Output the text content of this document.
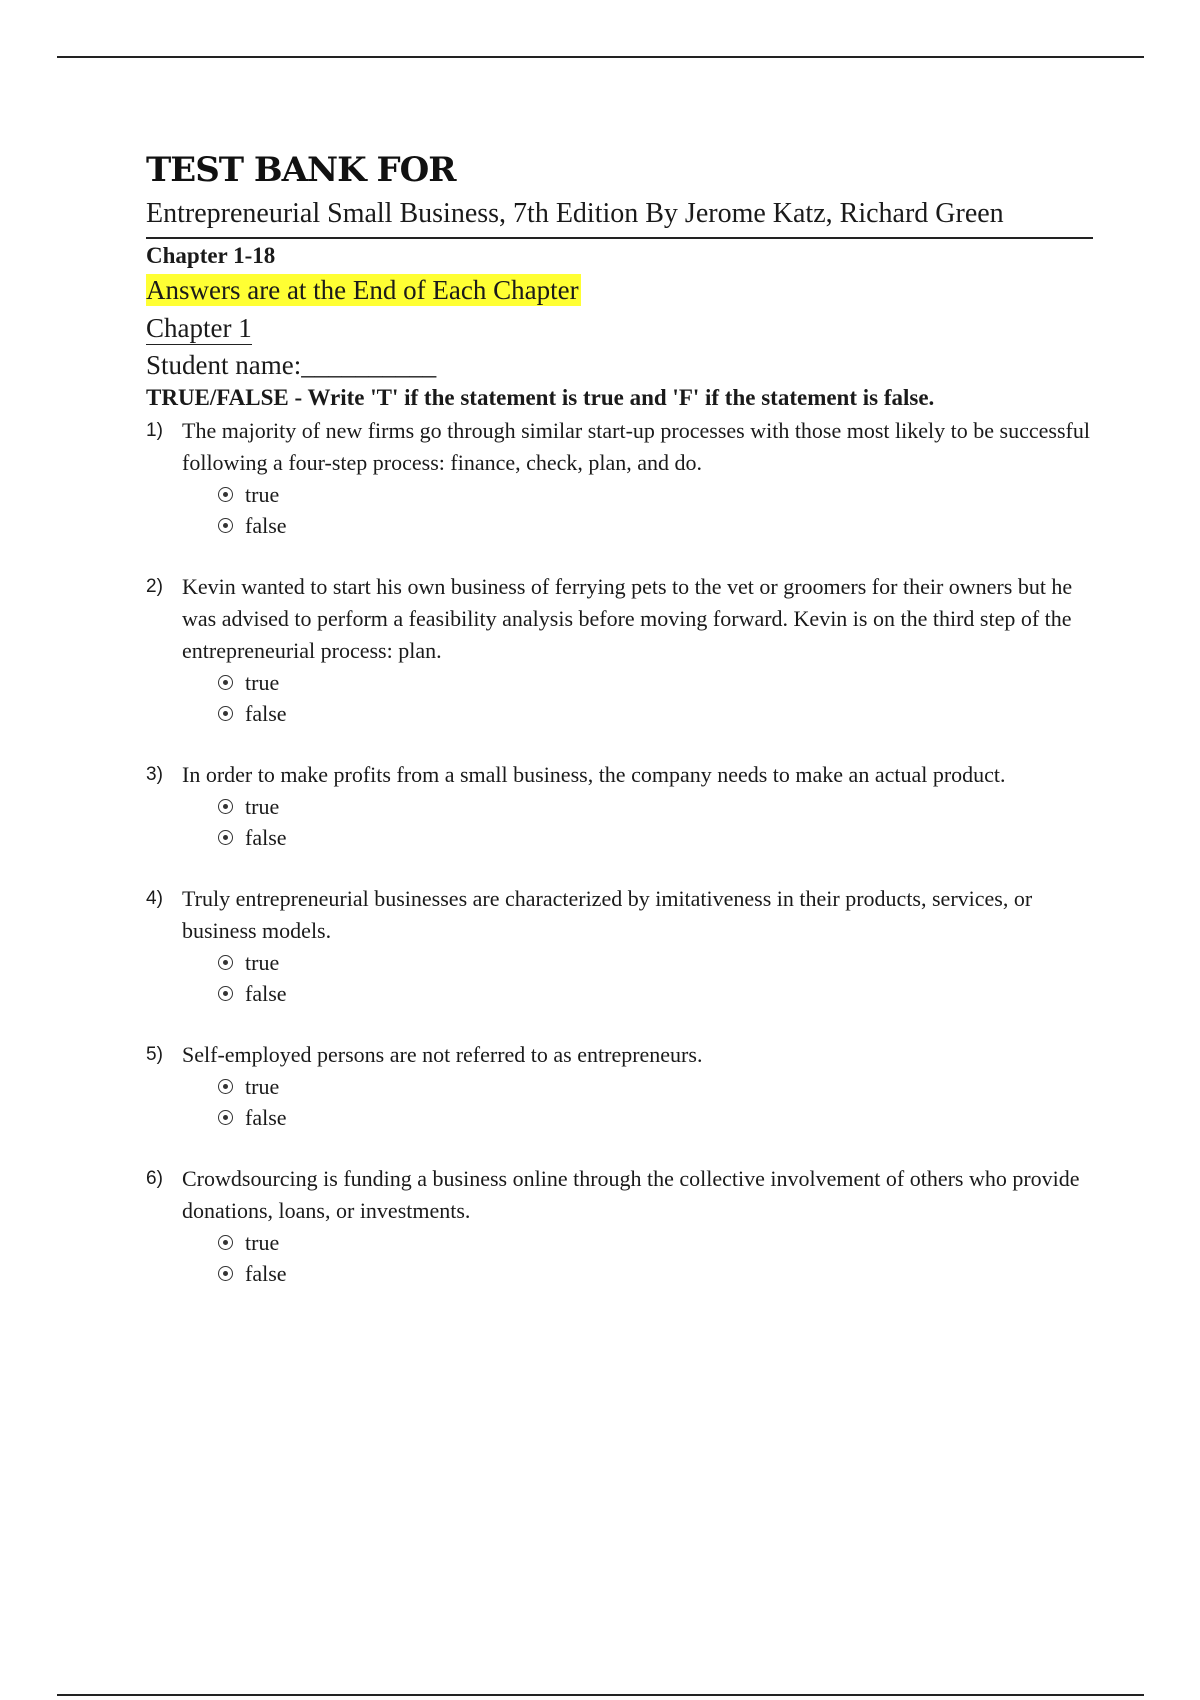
TEST BANK FOR
Entrepreneurial Small Business, 7th Edition By Jerome Katz, Richard Green
Chapter 1-18
Answers are at the End of Each Chapter
Chapter 1
Student name:__________
TRUE/FALSE - Write 'T' if the statement is true and 'F' if the statement is false.
1) The majority of new firms go through similar start-up processes with those most likely to be successful following a four-step process: finance, check, plan, and do.
true
false
2) Kevin wanted to start his own business of ferrying pets to the vet or groomers for their owners but he was advised to perform a feasibility analysis before moving forward. Kevin is on the third step of the entrepreneurial process: plan.
true
false
3) In order to make profits from a small business, the company needs to make an actual product.
true
false
4) Truly entrepreneurial businesses are characterized by imitativeness in their products, services, or business models.
true
false
5) Self-employed persons are not referred to as entrepreneurs.
true
false
6) Crowdsourcing is funding a business online through the collective involvement of others who provide donations, loans, or investments.
true
false
